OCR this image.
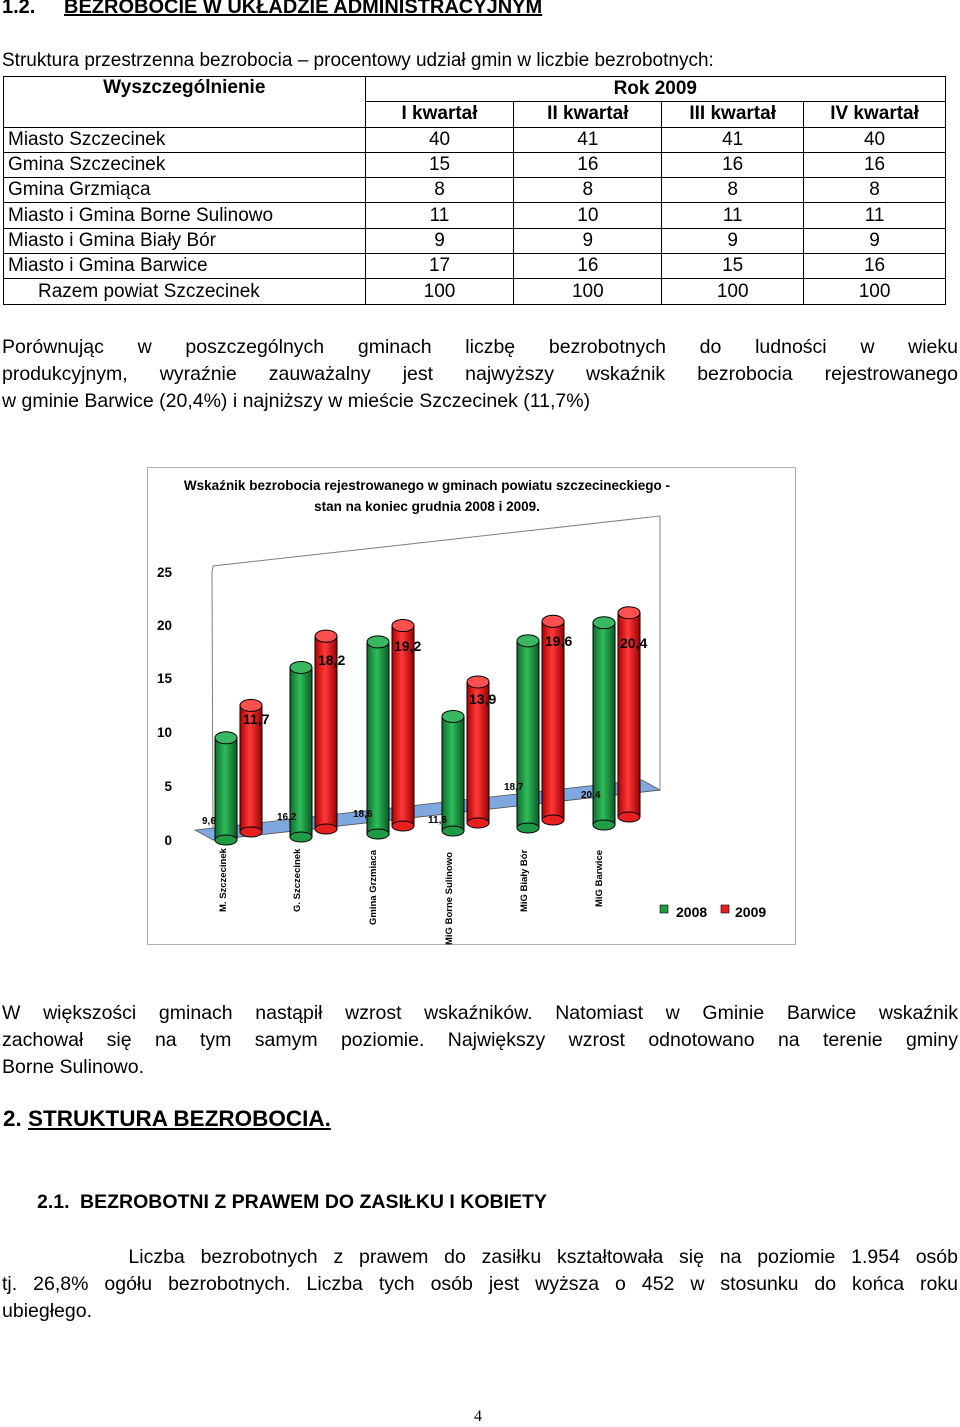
1.2. BEZROBOCIE W UKŁADZIE ADMINISTRACYJNYM
Struktura przestrzenna bezrobocia – procentowy udział gmin w liczbie bezrobotnych:
Wyszczególnienie	Rok 2009			
	I kwartał	II kwartał	III kwartał	IV kwartał
Miasto Szczecinek	40	41	41	40
Gmina Szczecinek	15	16	16	16
Gmina Grzmiąca	8	8	8	8
Miasto i Gmina Borne Sulinowo	11	10	11	11
Miasto i Gmina Biały Bór	9	9	9	9
Miasto i Gmina Barwice	17	16	15	16
Razem powiat Szczecinek	100	100	100	100
Porównując w poszczególnych gminach liczbę bezrobotnych do ludności w wieku
produkcyjnym, wyraźnie zauważalny jest najwyższy wskaźnik bezrobocia rejestrowanego
w gminie Barwice (20,4%) i najniższy w mieście Szczecinek (11,7%)
Wskaźnik bezrobocia rejestrowanego w gminach powiatu szczecineckiego -
stan na koniec grudnia 2008 i 2009.
0
5
10
15
20
25
11,7
18,2
19,2
13,9
19,6	20,4
9,6	16,2	18,6
11,6
18,7
20,4
M. Szczecinek	G. Szczecinek	Gmina Grzmiaca	MiG Borne Sulinowo	MiG Biały Bór	MiG Barwice
2008 2009
W większości gminach nastąpił wzrost wskaźników. Natomiast w Gminie Barwice wskaźnik
zachował się na tym samym poziomie. Największy wzrost odnotowano na terenie gminy
Borne Sulinowo.
2. STRUKTURA BEZROBOCIA.
2.1. BEZROBOTNI Z PRAWEM DO ZASIŁKU I KOBIETY
Liczba bezrobotnych z prawem do zasiłku kształtowała się na poziomie 1.954 osób
tj. 26,8% ogółu bezrobotnych. Liczba tych osób jest wyższa o 452 w stosunku do końca roku
ubiegłego.
4
